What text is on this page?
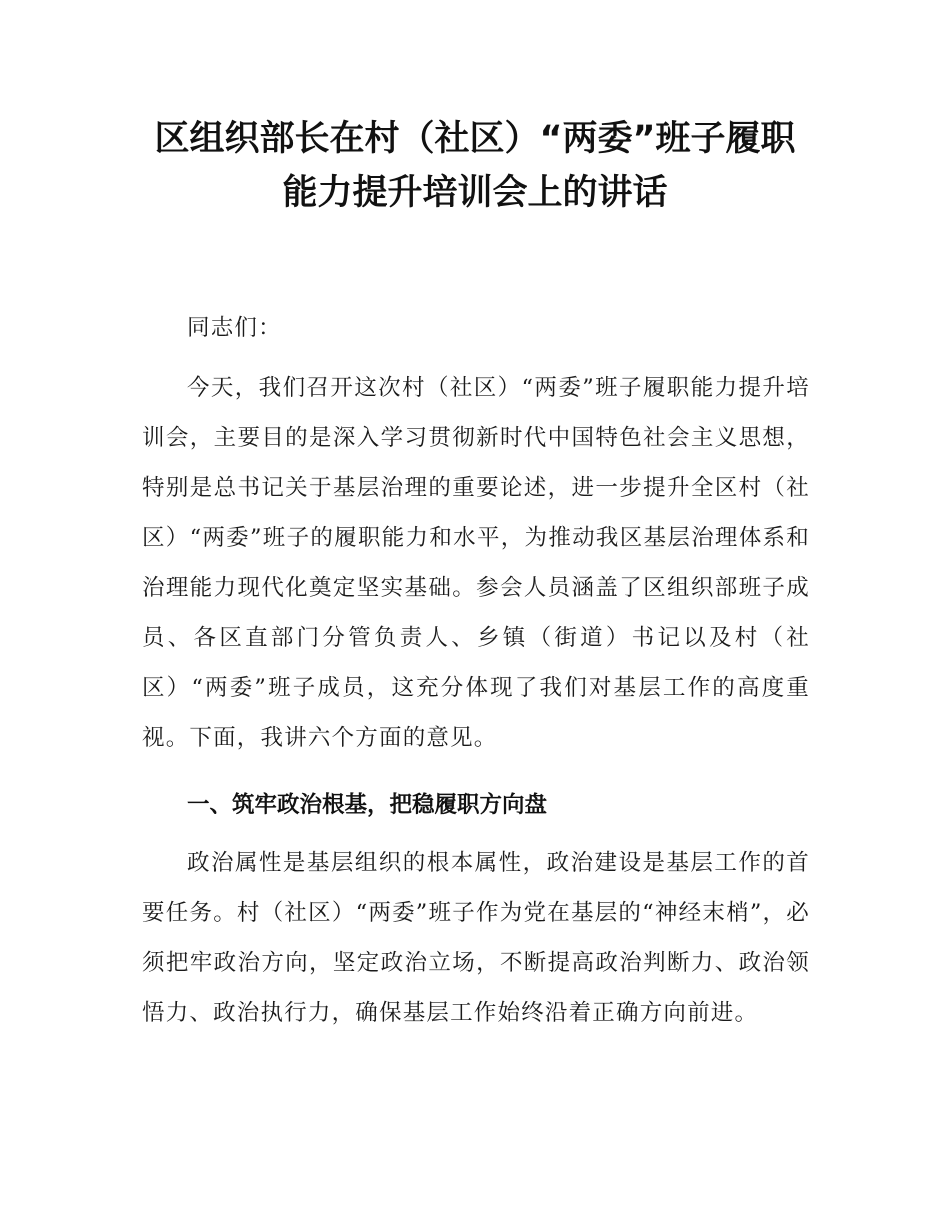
区组织部长在村（社区）“两委”班子履职
能力提升培训会上的讲话

同志们：

今天，我们召开这次村（社区）“两委”班子履职能力提升培训会，主要目的是深入学习贯彻新时代中国特色社会主义思想，特别是总书记关于基层治理的重要论述，进一步提升全区村（社区）“两委”班子的履职能力和水平，为推动我区基层治理体系和治理能力现代化奠定坚实基础。参会人员涵盖了区组织部班子成员、各区直部门分管负责人、乡镇（街道）书记以及村（社区）“两委”班子成员，这充分体现了我们对基层工作的高度重视。下面，我讲六个方面的意见。

一、筑牢政治根基，把稳履职方向盘

政治属性是基层组织的根本属性，政治建设是基层工作的首要任务。村（社区）“两委”班子作为党在基层的“神经末梢”，必须把牢政治方向，坚定政治立场，不断提高政治判断力、政治领悟力、政治执行力，确保基层工作始终沿着正确方向前进。
